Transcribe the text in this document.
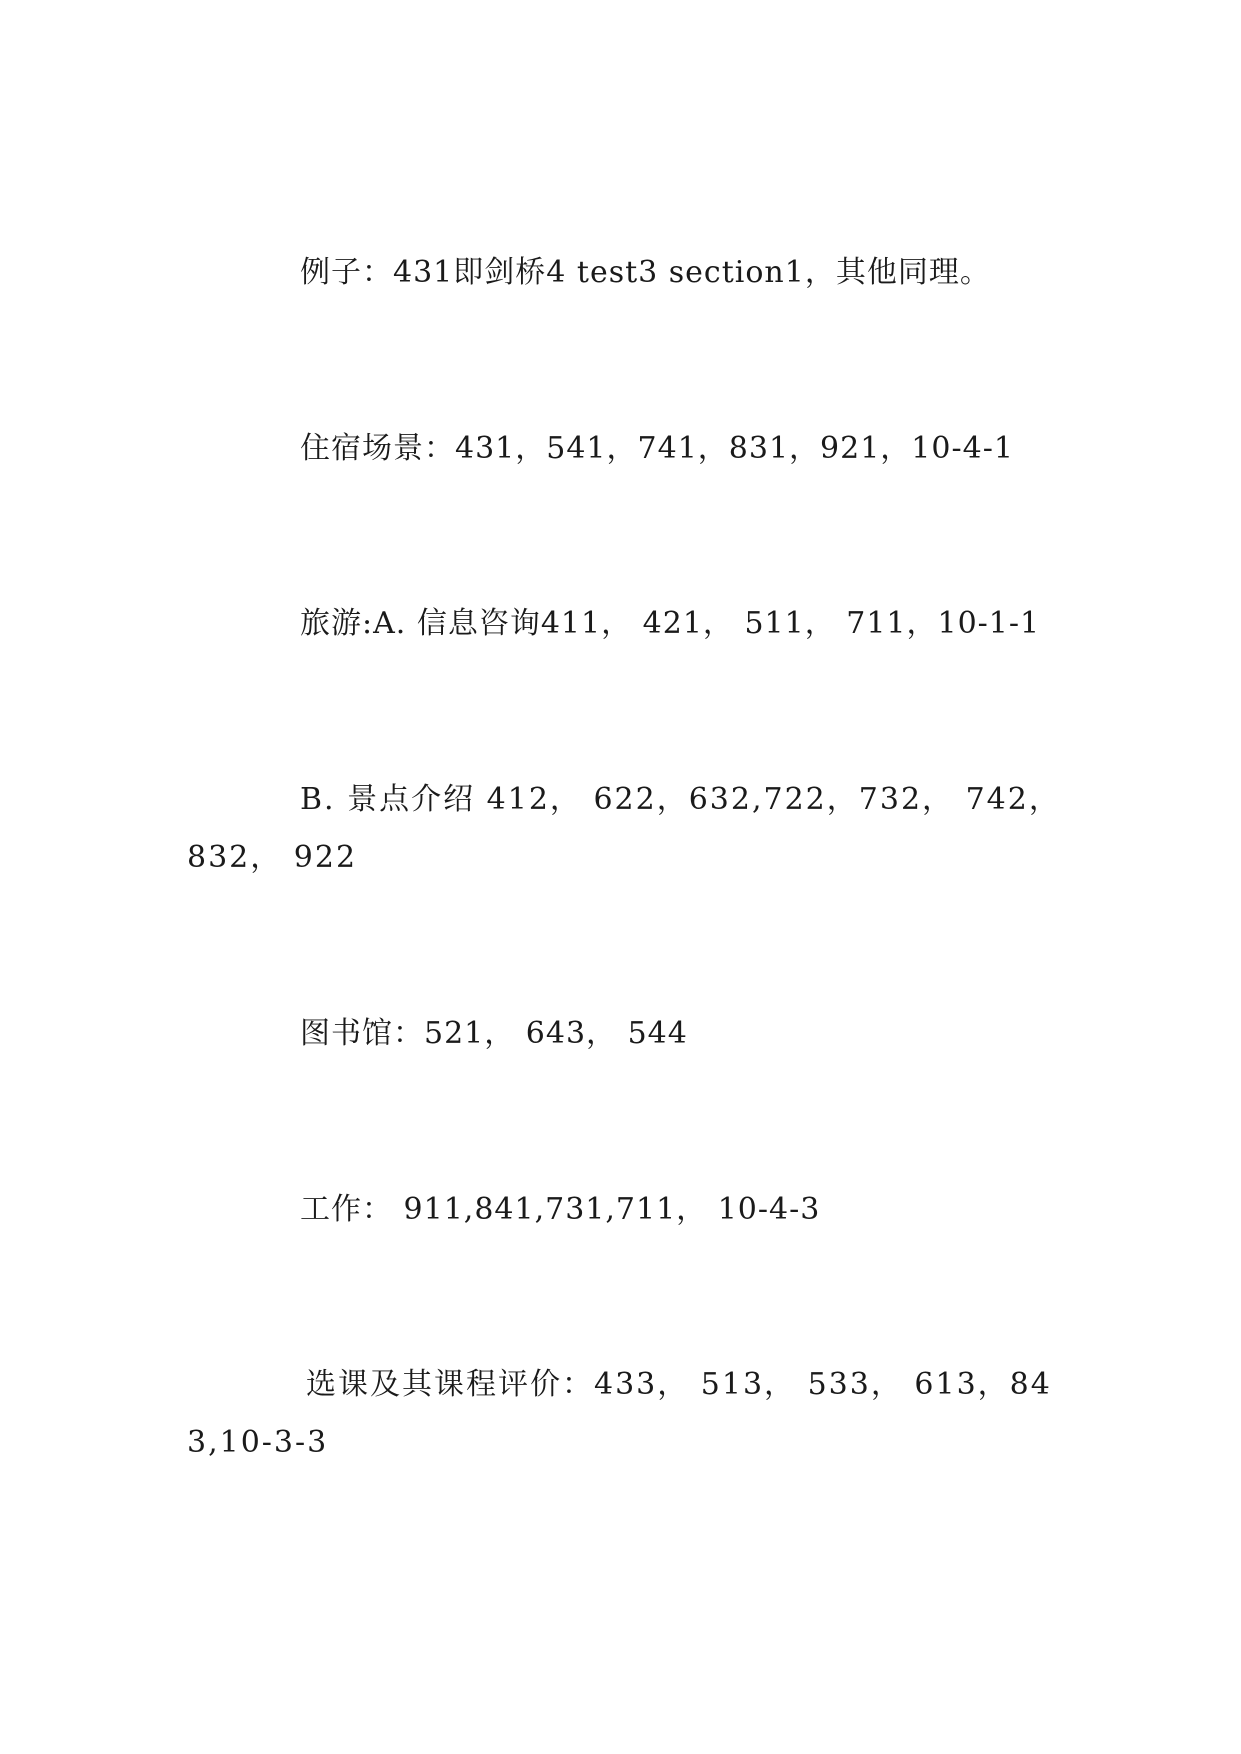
例子：431即剑桥4 test3 section1，其他同理。

住宿场景：431，541，741，831，921，10-4-1

旅游:A. 信息咨询411， 421， 511， 711，10-1-1

B. 景点介绍 412， 622，632,722，732， 742，832， 922

图书馆：521， 643， 544

工作： 911,841,731,711， 10-4-3

选课及其课程评价：433， 513， 533， 613，843,10-3-3
